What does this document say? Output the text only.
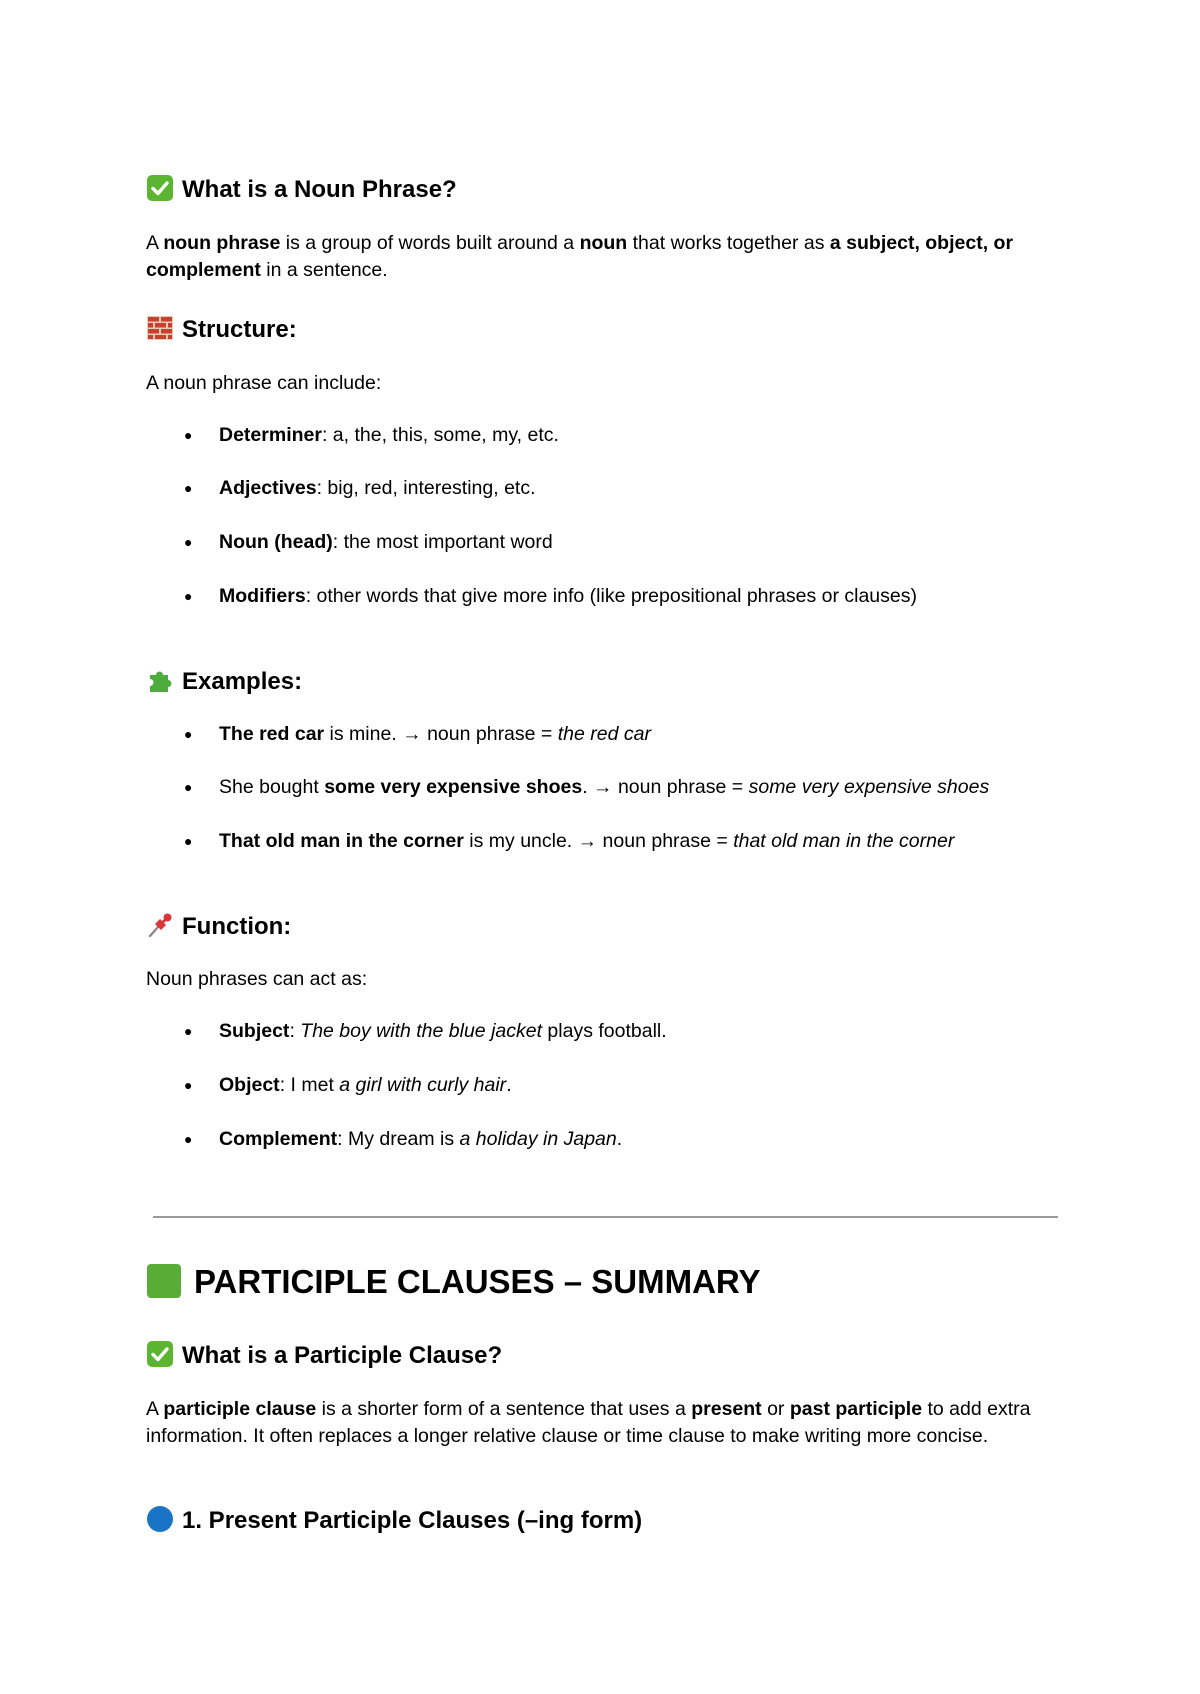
What is a Noun Phrase?

A noun phrase is a group of words built around a noun that works together as a subject, object, or complement in a sentence.

Structure:

A noun phrase can include:

● Determiner: a, the, this, some, my, etc.
● Adjectives: big, red, interesting, etc.
● Noun (head): the most important word
● Modifiers: other words that give more info (like prepositional phrases or clauses)
Examples:
● The red car is mine. → noun phrase = the red car
● She bought some very expensive shoes. → noun phrase = some very expensive shoes
● That old man in the corner is my uncle. → noun phrase = that old man in the corner
Function:

Noun phrases can act as:

● Subject: The boy with the blue jacket plays football.
● Object: I met a girl with curly hair.
● Complement: My dream is a holiday in Japan.
PARTICIPLE CLAUSES – SUMMARY
What is a Participle Clause?

A participle clause is a shorter form of a sentence that uses a present or past participle to add extra information. It often replaces a longer relative clause or time clause to make writing more concise.

1. Present Participle Clauses (–ing form)
